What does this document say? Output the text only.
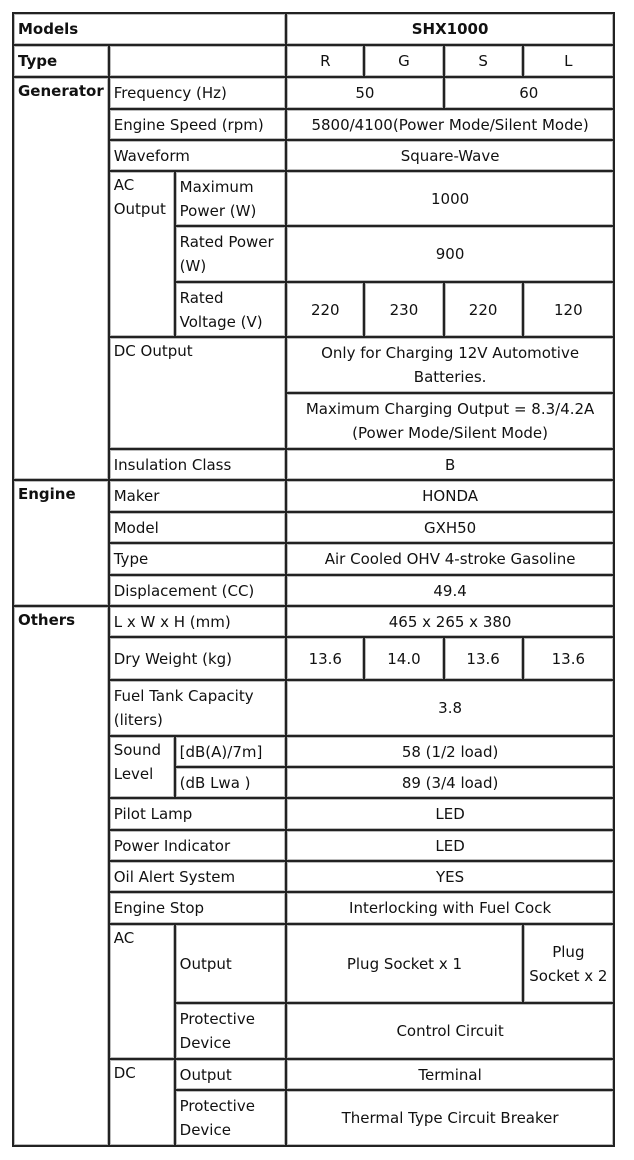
Models			SHX1000			
Type			R	G	S	L
Generator	Frequency (Hz)		50		60	
	Engine Speed (rpm)		5800/4100(Power Mode/Silent Mode)			
	Waveform		Square-Wave			
	AC Output	Maximum Power (W)	1000			
		Rated Power (W)	900			
		Rated Voltage (V)	220	230	220	120
	DC Output		Only for Charging 12V Automotive Batteries.			
			Maximum Charging Output = 8.3/4.2A (Power Mode/Silent Mode)			
	Insulation Class		B			
Engine	Maker		HONDA			
	Model		GXH50			
	Type		Air Cooled OHV 4-stroke Gasoline			
	Displacement (CC)		49.4			
Others	L x W x H (mm)		465 x 265 x 380			
	Dry Weight (kg)		13.6	14.0	13.6	13.6
	Fuel Tank Capacity (liters)		3.8			
	Sound Level	[dB(A)/7m]	58 (1/2 load)			
		(dB Lwa )	89 (3/4 load)			
	Pilot Lamp		LED			
	Power Indicator		LED			
	Oil Alert System		YES			
	Engine Stop		Interlocking with Fuel Cock			
	AC	Output	Plug Socket x 1			Plug Socket x 2
		Protective Device	Control Circuit			
	DC	Output	Terminal			
		Protective Device	Thermal Type Circuit Breaker			
